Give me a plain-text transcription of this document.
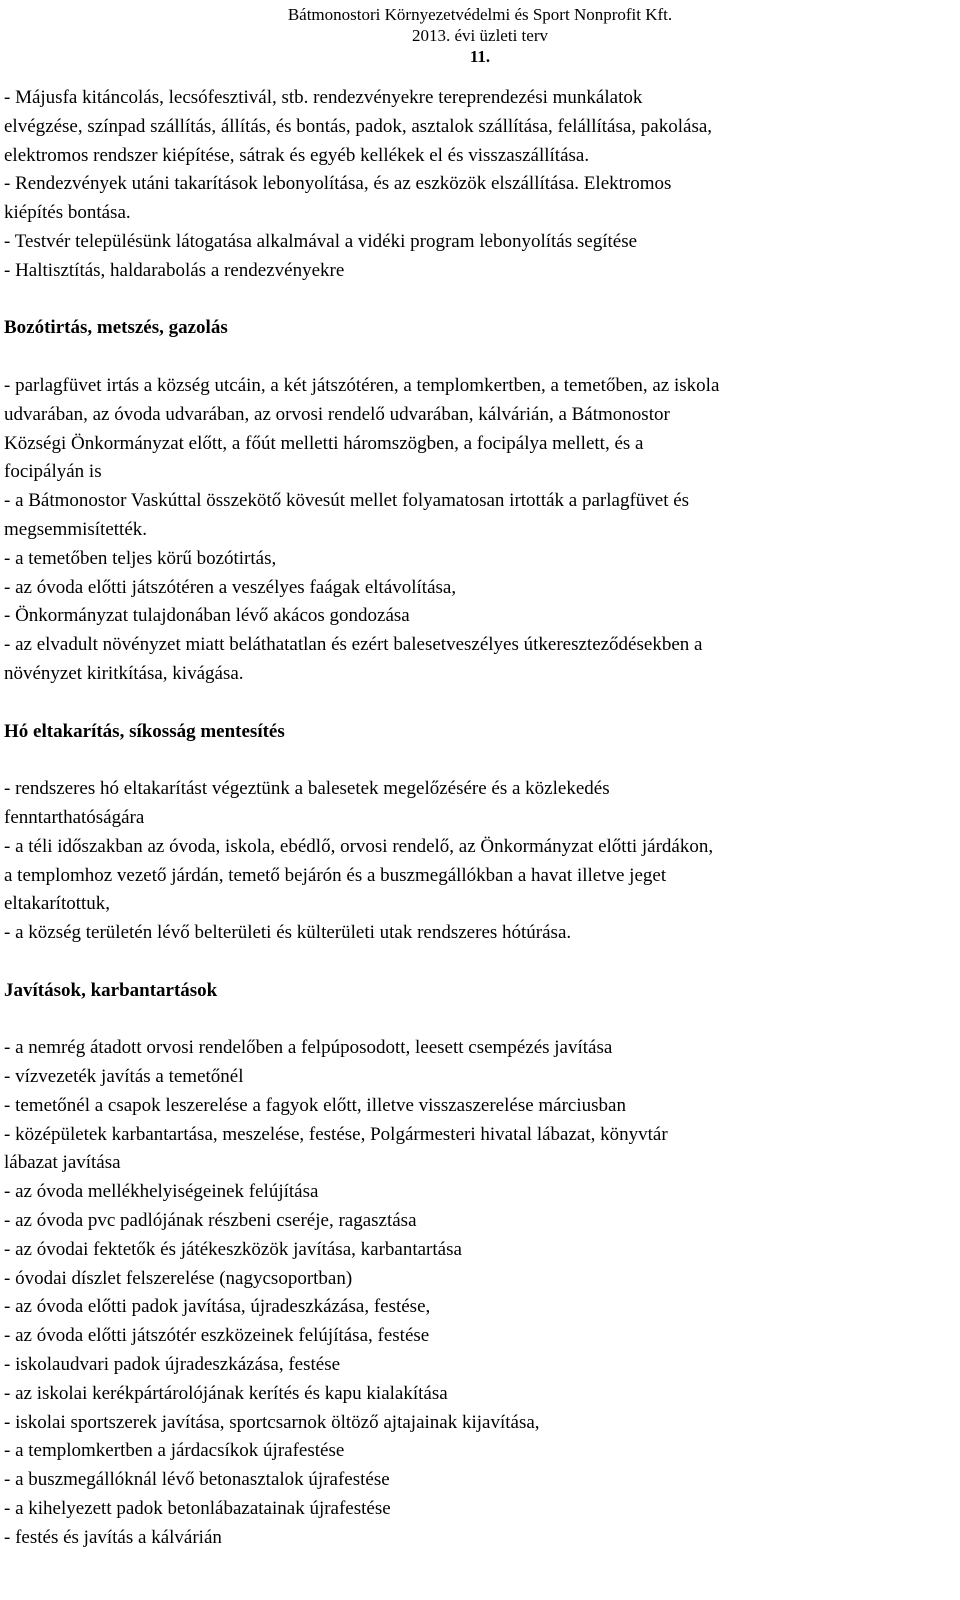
Bátmonostori Környezetvédelmi és Sport Nonprofit Kft.
2013. évi üzleti terv
11.
- Májusfa kitáncolás, lecsófesztivál, stb. rendezvényekre tereprendezési munkálatok
elvégzése, színpad szállítás, állítás, és bontás, padok, asztalok szállítása, felállítása, pakolása,
elektromos rendszer kiépítése, sátrak és egyéb kellékek el és visszaszállítása.
- Rendezvények utáni takarítások lebonyolítása, és az eszközök elszállítása. Elektromos
kiépítés bontása.
- Testvér településünk látogatása alkalmával a vidéki program lebonyolítás segítése
- Haltisztítás, haldarabolás a rendezvényekre
Bozótirtás, metszés, gazolás
- parlagfüvet irtás a község utcáin, a két játszótéren, a templomkertben, a temetőben, az iskola
udvarában, az óvoda udvarában, az orvosi rendelő udvarában, kálvárián, a Bátmonostor
Községi Önkormányzat előtt, a főút melletti háromszögben, a focipálya mellett, és a
focipályán is
- a Bátmonostor Vaskúttal összekötő kövesút mellet folyamatosan irtották a parlagfüvet és
megsemmisítették.
- a temetőben teljes körű bozótirtás,
- az óvoda előtti játszótéren a veszélyes faágak eltávolítása,
- Önkormányzat tulajdonában lévő akácos gondozása
- az elvadult növényzet miatt beláthatatlan és ezért balesetveszélyes útkereszteződésekben a
növényzet kiritkítása, kivágása.
Hó eltakarítás, síkosság mentesítés
- rendszeres hó eltakarítást végeztünk a balesetek megelőzésére és a közlekedés
fenntarthatóságára
- a téli időszakban az óvoda, iskola, ebédlő, orvosi rendelő, az Önkormányzat előtti járdákon,
a templomhoz vezető járdán, temető bejárón és a buszmegállókban a havat illetve jeget
eltakarítottuk,
- a község területén lévő belterületi és külterületi utak rendszeres hótúrása.
Javítások, karbantartások
- a nemrég átadott orvosi rendelőben a felpúposodott, leesett csempézés javítása
- vízvezeték javítás a temetőnél
- temetőnél a csapok leszerelése a fagyok előtt, illetve visszaszerelése márciusban
- középületek karbantartása, meszelése, festése, Polgármesteri hivatal lábazat, könyvtár
lábazat javítása
- az óvoda mellékhelyiségeinek felújítása
- az óvoda pvc padlójának részbeni cseréje, ragasztása
- az óvodai fektetők és játékeszközök javítása, karbantartása
- óvodai díszlet felszerelése (nagycsoportban)
- az óvoda előtti padok javítása, újradeszkázása, festése,
- az óvoda előtti játszótér eszközeinek felújítása, festése
- iskolaudvari padok újradeszkázása, festése
- az iskolai kerékpártárolójának kerítés és kapu kialakítása
- iskolai sportszerek javítása, sportcsarnok öltöző ajtajainak kijavítása,
- a templomkertben a járdacsíkok újrafestése
- a buszmegállóknál lévő betonasztalok újrafestése
- a kihelyezett padok betonlábazatainak újrafestése
- festés és javítás a kálvárián
